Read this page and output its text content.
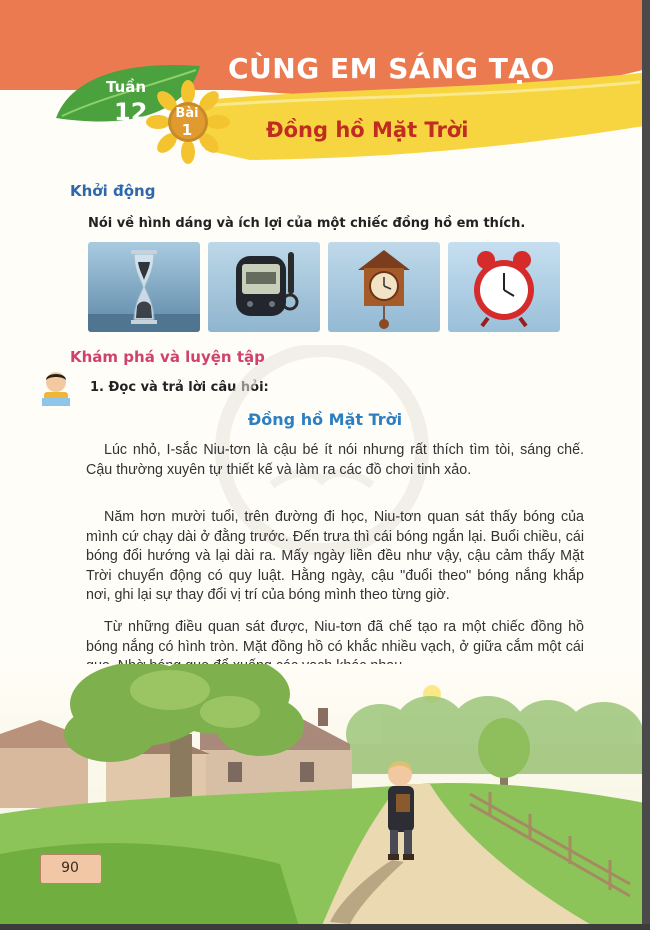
CÙNG EM SÁNG TẠO
Tuần
12 Bài
1	Đồng hồ Mặt Trời
Khởi động
Nói về hình dáng và ích lợi của một chiếc đồng hồ em thích.
Khám phá và luyện tập
1. Đọc và trả lời câu hỏi:
Đồng hồ Mặt Trời

Lúc nhỏ, I-sắc Niu-tơn là cậu bé ít nói nhưng rất thích tìm tòi, sáng chế. Cậu thường xuyên tự thiết kế và làm ra các đồ chơi tinh xảo.

Năm hơn mười tuổi, trên đường đi học, Niu-tơn quan sát thấy bóng của mình cứ chạy dài ở đằng trước. Đến trưa thì cái bóng ngắn lại. Buổi chiều, cái bóng đổi hướng và lại dài ra. Mấy ngày liền đều như vậy, cậu cảm thấy Mặt Trời chuyển động có quy luật. Hằng ngày, cậu "đuổi theo" bóng nắng khắp nơi, ghi lại sự thay đổi vị trí của bóng mình theo từng giờ.

Từ những điều quan sát được, Niu-tơn đã chế tạo ra một chiếc đồng hồ bóng nắng có hình tròn. Mặt đồng hồ có khắc nhiều vạch, ở giữa cắm một cái

90
